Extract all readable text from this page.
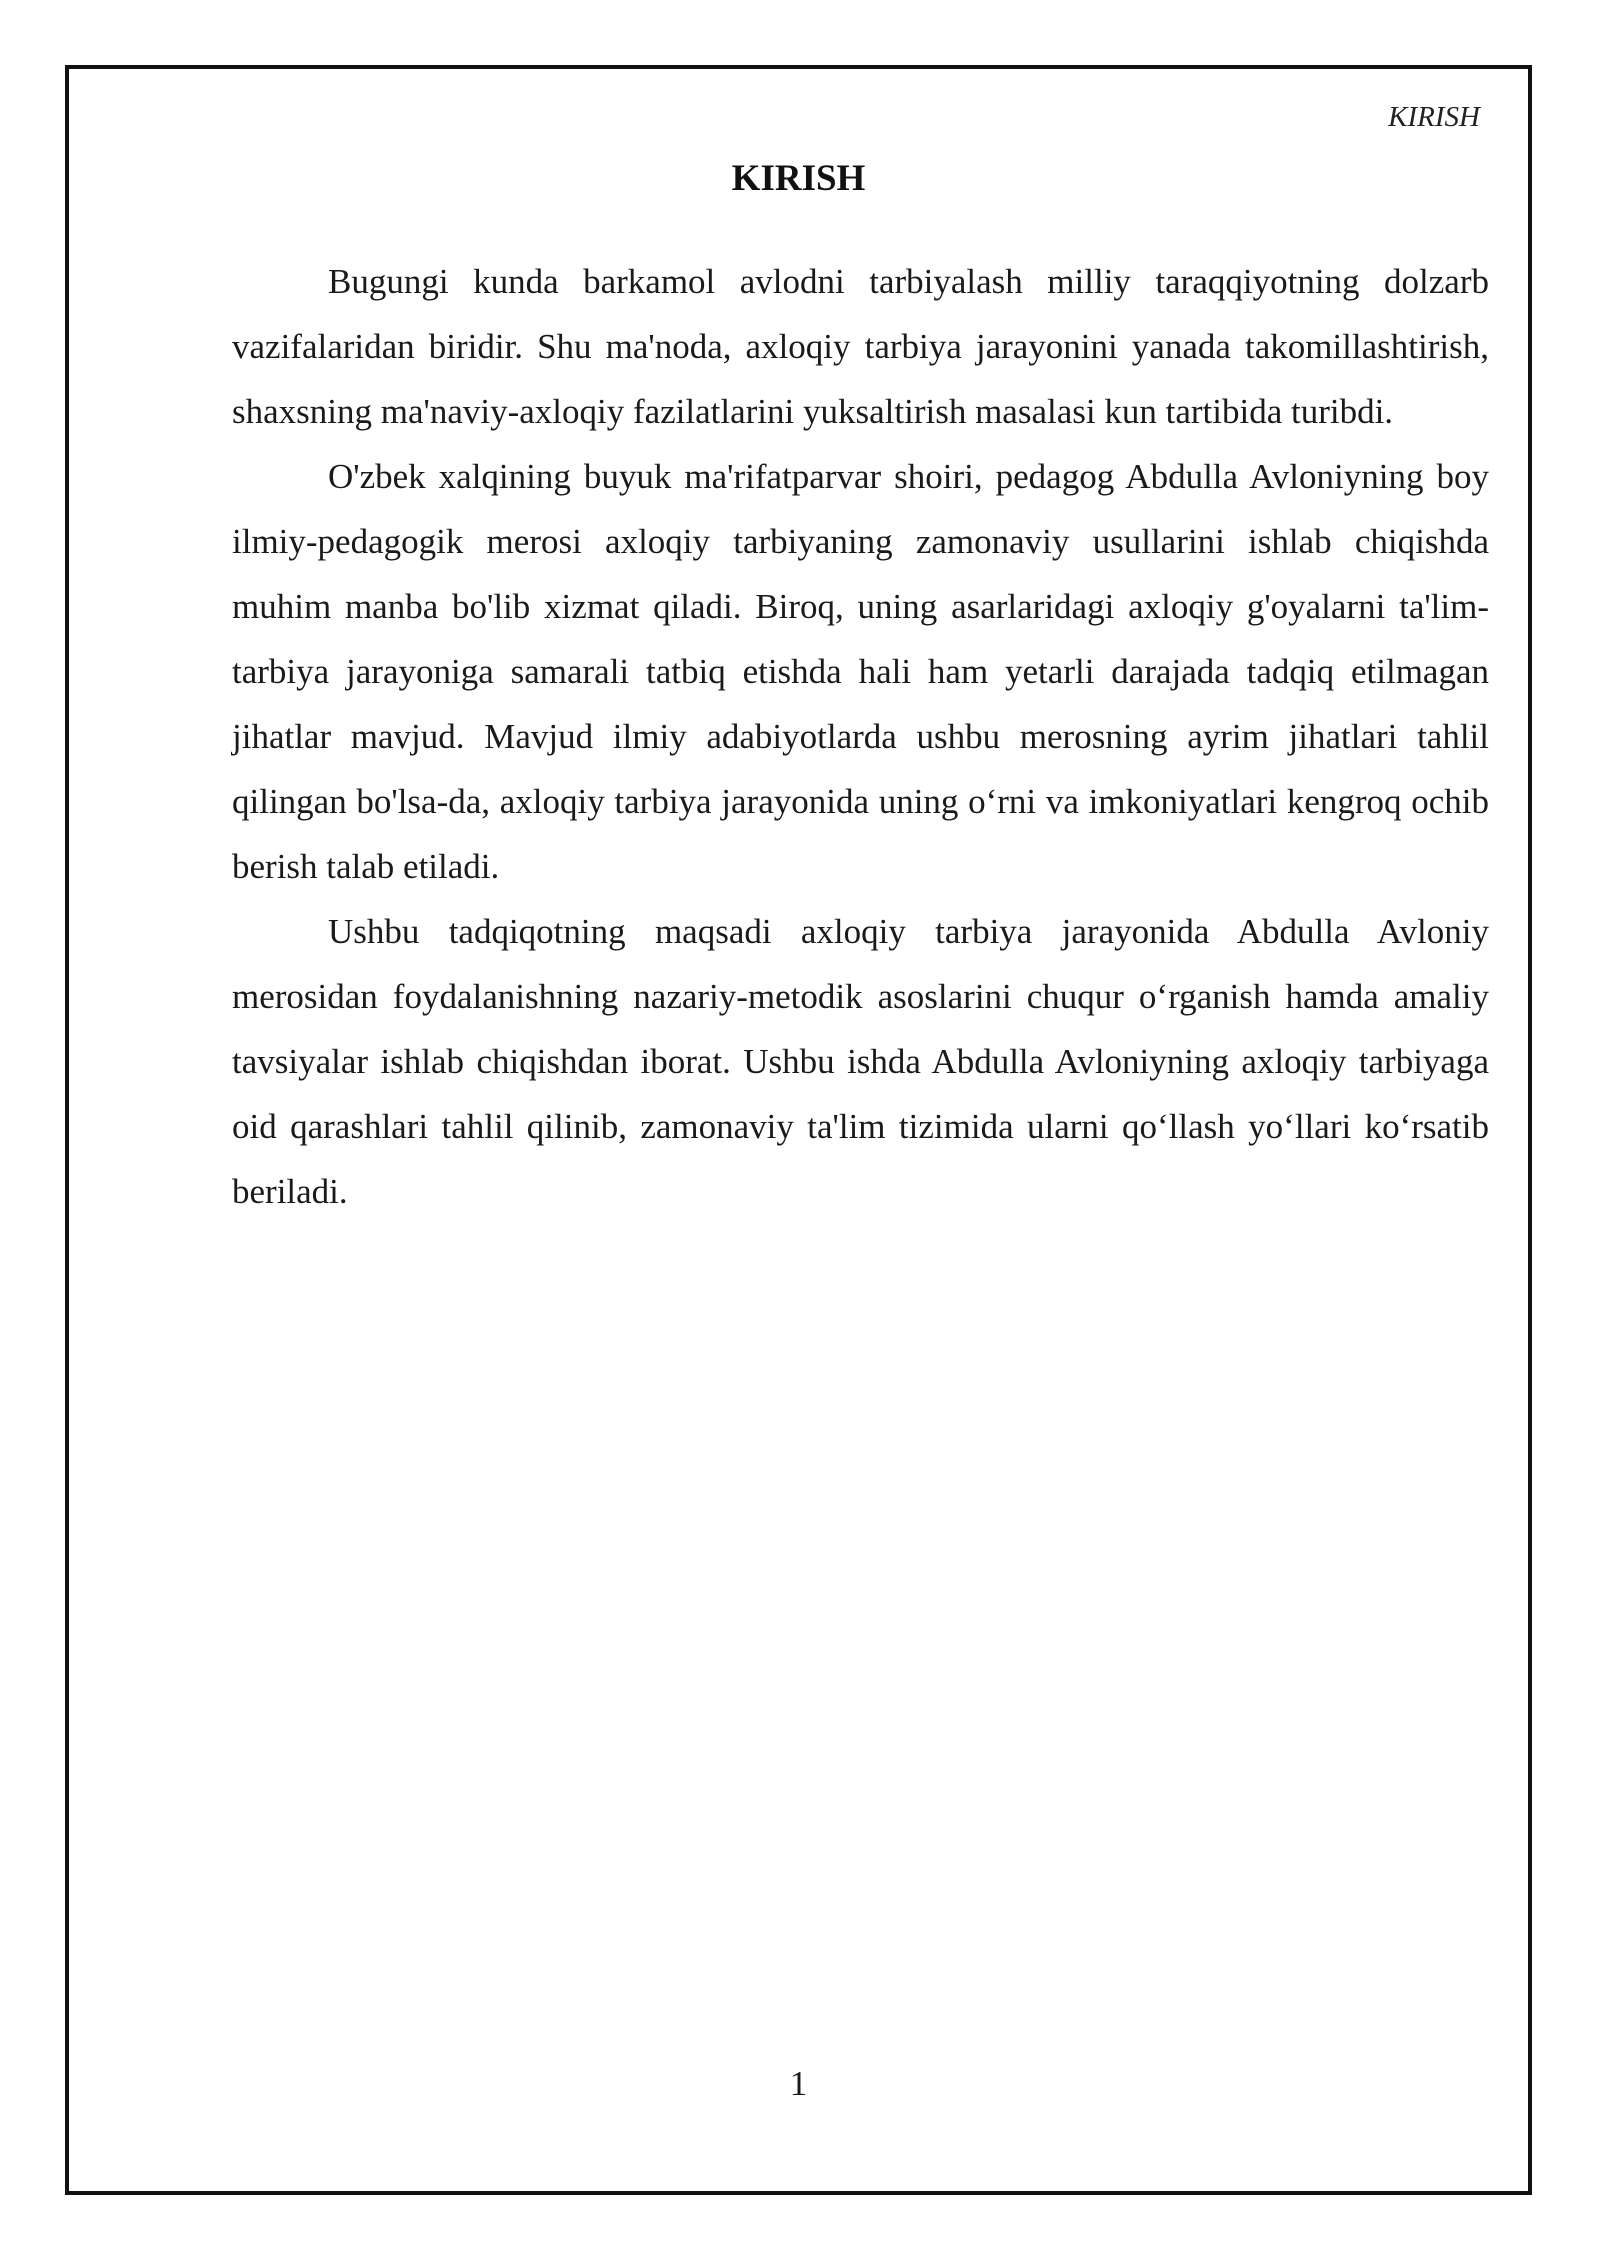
KIRISH
KIRISH

Bugungi kunda barkamol avlodni tarbiyalash milliy taraqqiyotning dolzarb vazifalaridan biridir. Shu ma'noda, axloqiy tarbiya jarayonini yanada takomillashtirish, shaxsning ma'naviy-axloqiy fazilatlarini yuksaltirish masalasi kun tartibida turibdi.

O'zbek xalqining buyuk ma'rifatparvar shoiri, pedagog Abdulla Avloniyning boy ilmiy-pedagogik merosi axloqiy tarbiyaning zamonaviy usullarini ishlab chiqishda muhim manba bo'lib xizmat qiladi. Biroq, uning asarlaridagi axloqiy g'oyalarni ta'lim-tarbiya jarayoniga samarali tatbiq etishda hali ham yetarli darajada tadqiq etilmagan jihatlar mavjud. Mavjud ilmiy adabiyotlarda ushbu merosning ayrim jihatlari tahlil qilingan bo'lsa-da, axloqiy tarbiya jarayonida uning o‘rni va imkoniyatlari kengroq ochib berish talab etiladi.

Ushbu tadqiqotning maqsadi axloqiy tarbiya jarayonida Abdulla Avloniy merosidan foydalanishning nazariy-metodik asoslarini chuqur o‘rganish hamda amaliy tavsiyalar ishlab chiqishdan iborat. Ushbu ishda Abdulla Avloniyning axloqiy tarbiyaga oid qarashlari tahlil qilinib, zamonaviy ta'lim tizimida ularni qo‘llash yo‘llari ko‘rsatib beriladi.

1
